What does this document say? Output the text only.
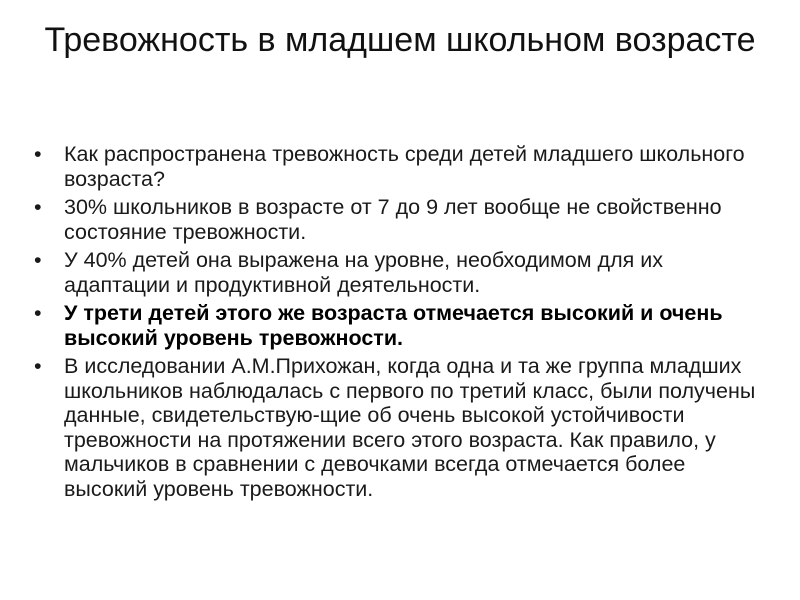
Тревожность в младшем школьном возрасте
•	Как распространена тревожность среди детей младшего школьного возраста?
•	30% школьников в возрасте от 7 до 9 лет вообще не свойственно состояние тревожности.
•	У 40% детей она выражена на уровне, необходимом для их адаптации и продуктивной деятельности.
•	У трети детей этого же возраста отмечается высокий и очень высокий уровень тревожности.
•	В исследовании А.М.Прихожан, когда одна и та же группа младших школьников наблюдалась с первого по третий класс, были получены данные, свидетельствую-щие об очень высокой устойчивости тревожности на протяжении всего этого возраста. Как правило, у мальчиков в сравнении с девочками всегда отмечается более высокий уровень тревожности.
